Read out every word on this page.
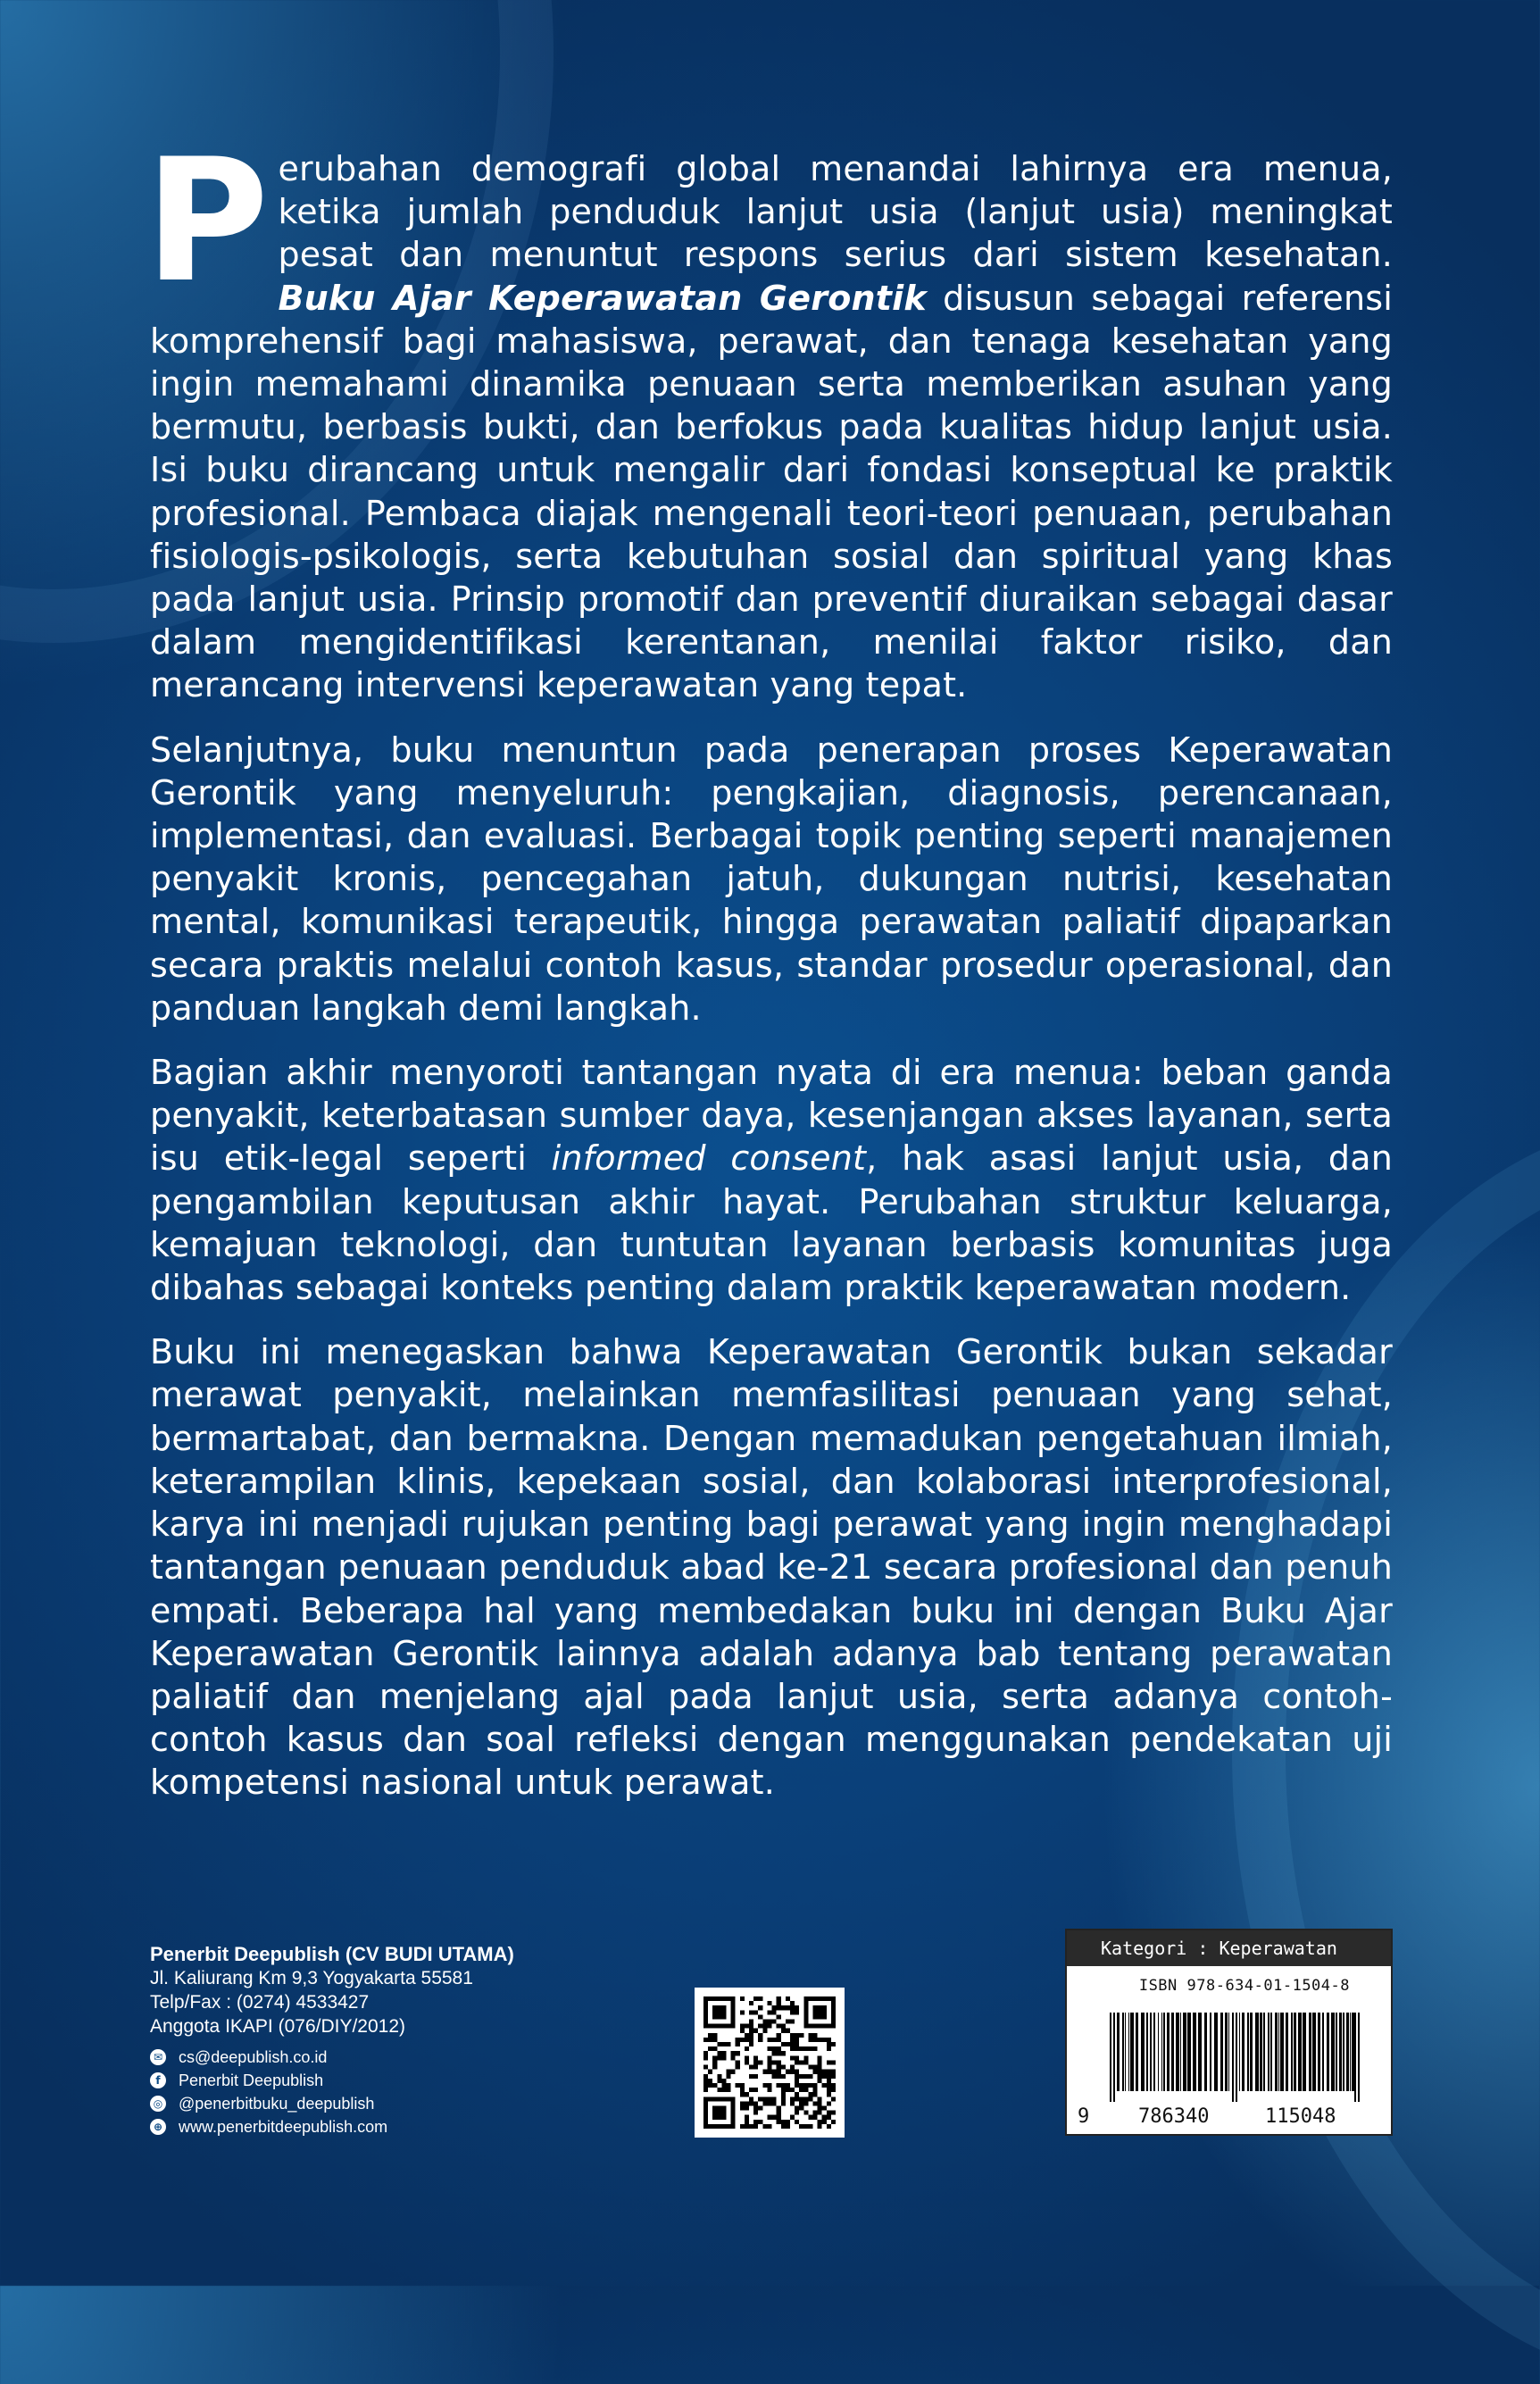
Perubahan demografi global menandai lahirnya era menua, ketika jumlah penduduk lanjut usia (lanjut usia) meningkat pesat dan menuntut respons serius dari sistem kesehatan. Buku Ajar Keperawatan Gerontik disusun sebagai referensi komprehensif bagi mahasiswa, perawat, dan tenaga kesehatan yang ingin memahami dinamika penuaan serta memberikan asuhan yang bermutu, berbasis bukti, dan berfokus pada kualitas hidup lanjut usia. Isi buku dirancang untuk mengalir dari fondasi konseptual ke praktik profesional. Pembaca diajak mengenali teori-teori penuaan, perubahan fisiologis-psikologis, serta kebutuhan sosial dan spiritual yang khas pada lanjut usia. Prinsip promotif dan preventif diuraikan sebagai dasar dalam mengidentifikasi kerentanan, menilai faktor risiko, dan merancang intervensi keperawatan yang tepat.

Selanjutnya, buku menuntun pada penerapan proses Keperawatan Gerontik yang menyeluruh: pengkajian, diagnosis, perencanaan, implementasi, dan evaluasi. Berbagai topik penting seperti manajemen penyakit kronis, pencegahan jatuh, dukungan nutrisi, kesehatan mental, komunikasi terapeutik, hingga perawatan paliatif dipaparkan secara praktis melalui contoh kasus, standar prosedur operasional, dan panduan langkah demi langkah.

Bagian akhir menyoroti tantangan nyata di era menua: beban ganda penyakit, keterbatasan sumber daya, kesenjangan akses layanan, serta isu etik-legal seperti informed consent, hak asasi lanjut usia, dan pengambilan keputusan akhir hayat. Perubahan struktur keluarga, kemajuan teknologi, dan tuntutan layanan berbasis komunitas juga dibahas sebagai konteks penting dalam praktik keperawatan modern.

Buku ini menegaskan bahwa Keperawatan Gerontik bukan sekadar merawat penyakit, melainkan memfasilitasi penuaan yang sehat, bermartabat, dan bermakna. Dengan memadukan pengetahuan ilmiah, keterampilan klinis, kepekaan sosial, dan kolaborasi interprofesional, karya ini menjadi rujukan penting bagi perawat yang ingin menghadapi tantangan penuaan penduduk abad ke-21 secara profesional dan penuh empati. Beberapa hal yang membedakan buku ini dengan Buku Ajar Keperawatan Gerontik lainnya adalah adanya bab tentang perawatan paliatif dan menjelang ajal pada lanjut usia, serta adanya contoh-contoh kasus dan soal refleksi dengan menggunakan pendekatan uji kompetensi nasional untuk perawat.

Penerbit Deepublish (CV BUDI UTAMA)
Jl. Kaliurang Km 9,3 Yogyakarta 55581
Telp/Fax : (0274) 4533427
Anggota IKAPI (076/DIY/2012)
✉ cs@deepublish.co.id
f	Penerbit Deepublish
◎ @penerbitbuku_deepublish
⊕ www.penerbitdeepublish.com
Kategori : Keperawatan
ISBN 978-634-01-1504-8
9 786340	115048
